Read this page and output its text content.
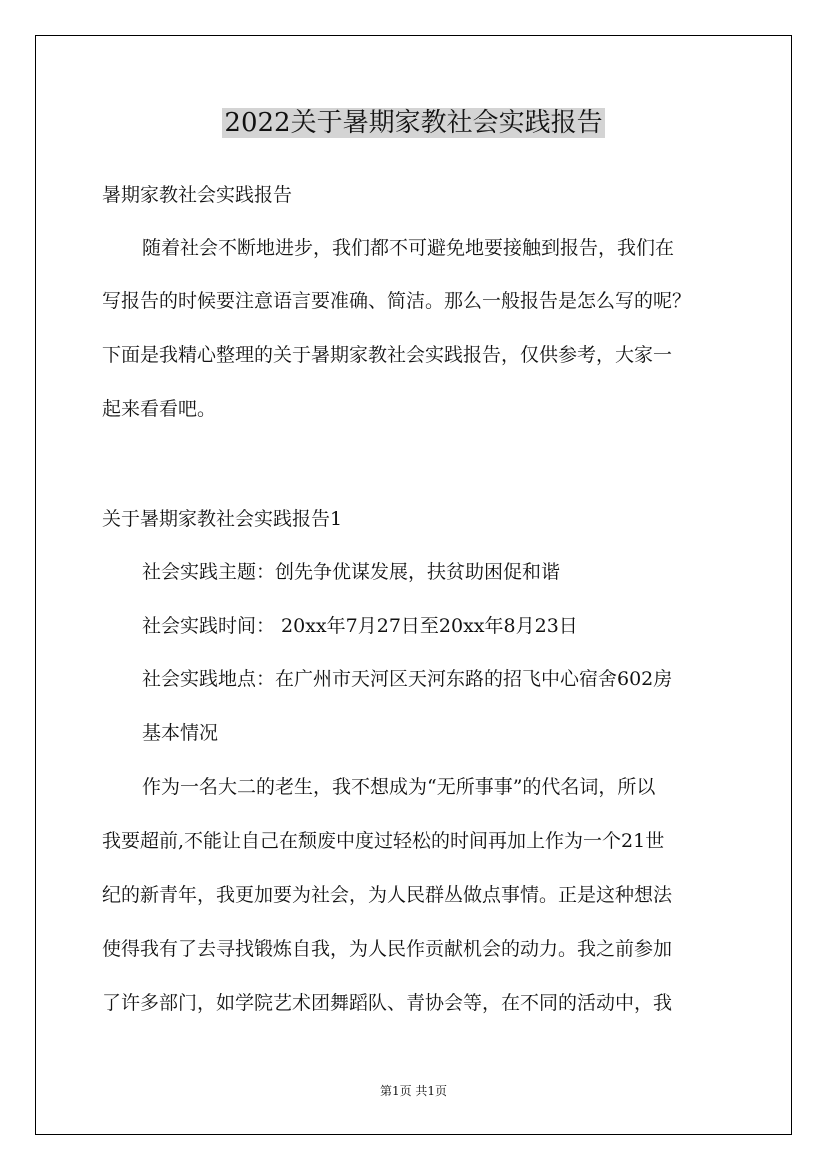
2022关于暑期家教社会实践报告
暑期家教社会实践报告
随着社会不断地进步，我们都不可避免地要接触到报告，我们在
写报告的时候要注意语言要准确、简洁。那么一般报告是怎么写的呢？
下面是我精心整理的关于暑期家教社会实践报告，仅供参考，大家一
起来看看吧。
关于暑期家教社会实践报告1
社会实践主题：创先争优谋发展，扶贫助困促和谐
社会实践时间： 20xx年7月27日至20xx年8月23日
社会实践地点：在广州市天河区天河东路的招飞中心宿舍602房
基本情况
作为一名大二的老生，我不想成为“无所事事”的代名词，所以
我要超前,不能让自己在颓废中度过轻松的时间再加上作为一个21世
纪的新青年，我更加要为社会，为人民群丛做点事情。正是这种想法
使得我有了去寻找锻炼自我，为人民作贡献机会的动力。我之前参加
了许多部门，如学院艺术团舞蹈队、青协会等，在不同的活动中，我
第1页 共1页
